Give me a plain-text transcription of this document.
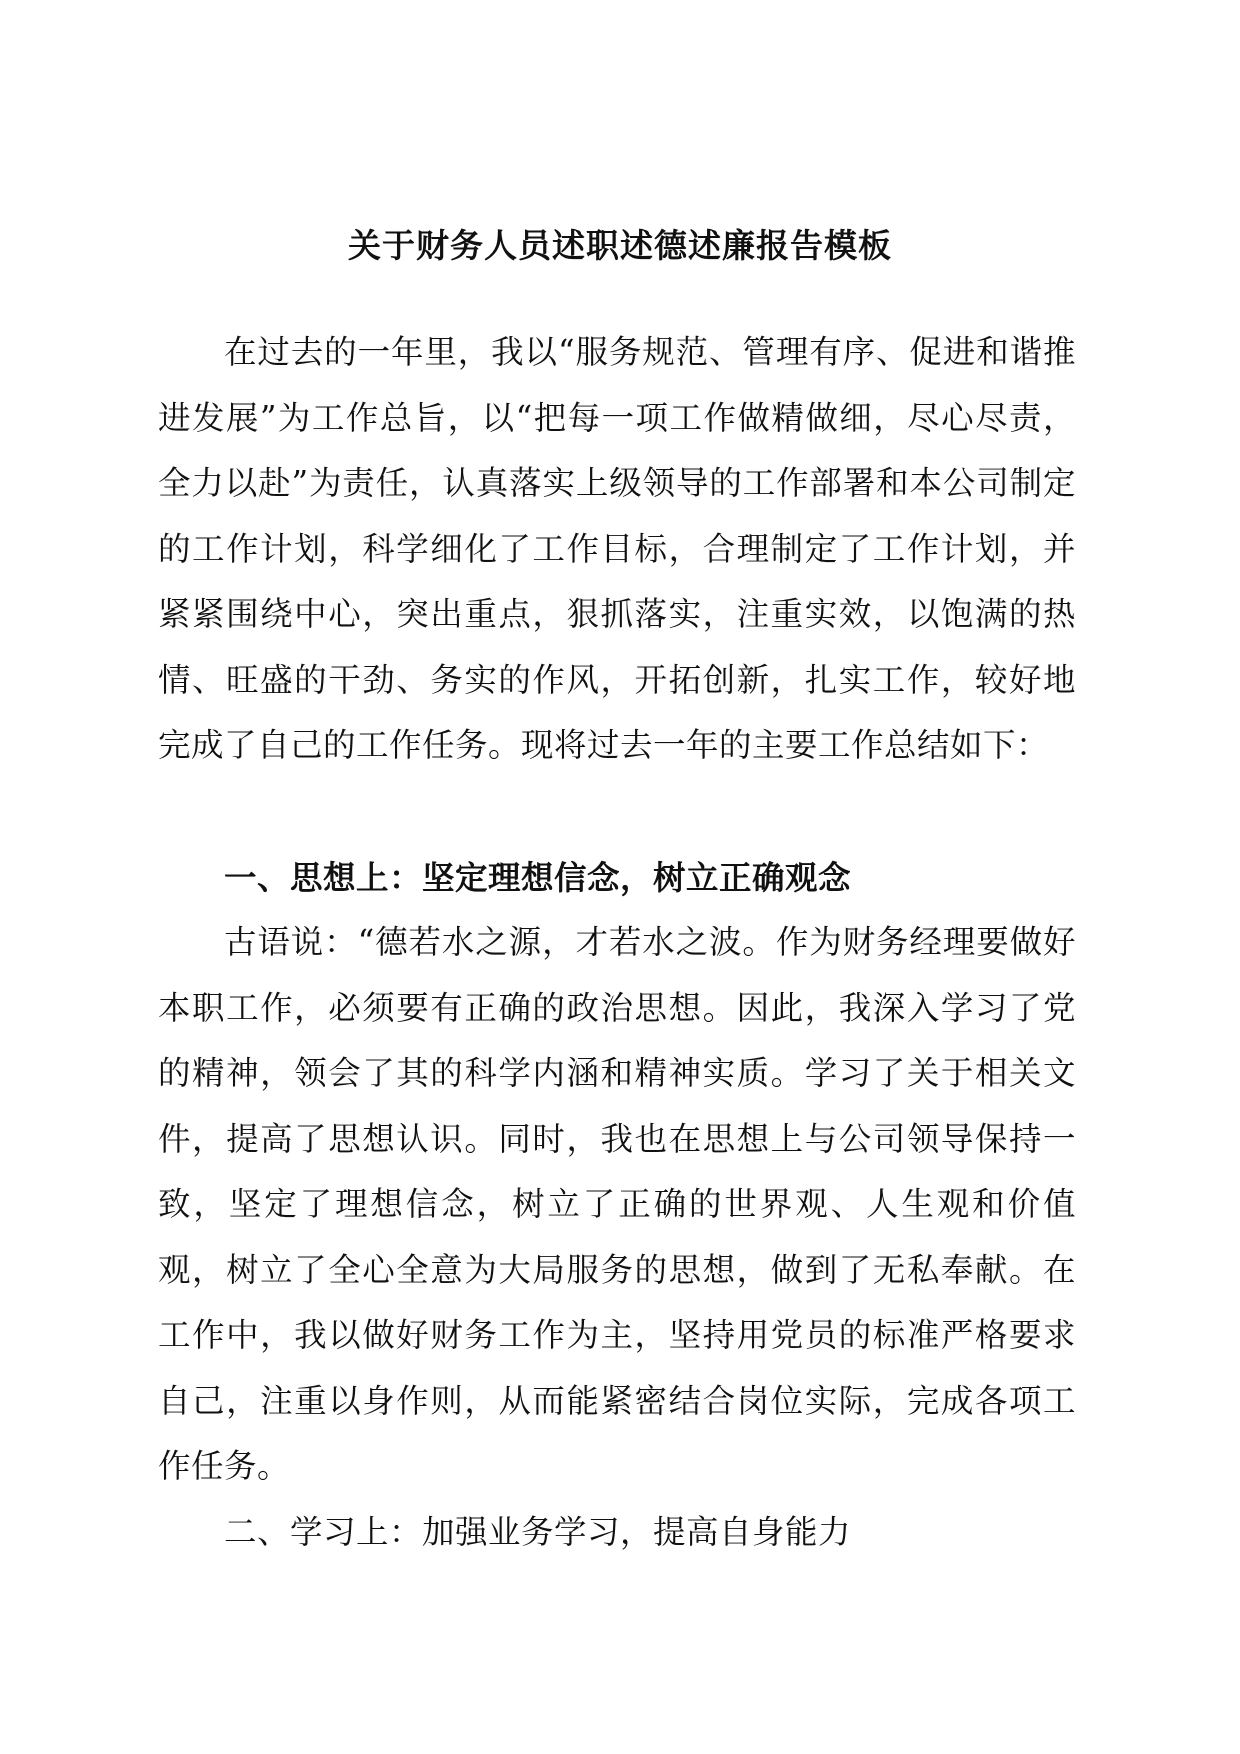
关于财务人员述职述德述廉报告模板

在过去的一年里，我以“服务规范、管理有序、促进和谐推进发展”为工作总旨，以“把每一项工作做精做细，尽心尽责，全力以赴”为责任，认真落实上级领导的工作部署和本公司制定的工作计划，科学细化了工作目标，合理制定了工作计划，并紧紧围绕中心，突出重点，狠抓落实，注重实效，以饱满的热情、旺盛的干劲、务实的作风，开拓创新，扎实工作，较好地完成了自己的工作任务。现将过去一年的主要工作总结如下：

一、思想上：坚定理想信念，树立正确观念

古语说：“德若水之源，才若水之波。作为财务经理要做好本职工作，必须要有正确的政治思想。因此，我深入学习了党的精神，领会了其的科学内涵和精神实质。学习了关于相关文件，提高了思想认识。同时，我也在思想上与公司领导保持一致，坚定了理想信念，树立了正确的世界观、人生观和价值观，树立了全心全意为大局服务的思想，做到了无私奉献。在工作中，我以做好财务工作为主，坚持用党员的标准严格要求自己，注重以身作则，从而能紧密结合岗位实际，完成各项工作任务。

二、学习上：加强业务学习，提高自身能力
